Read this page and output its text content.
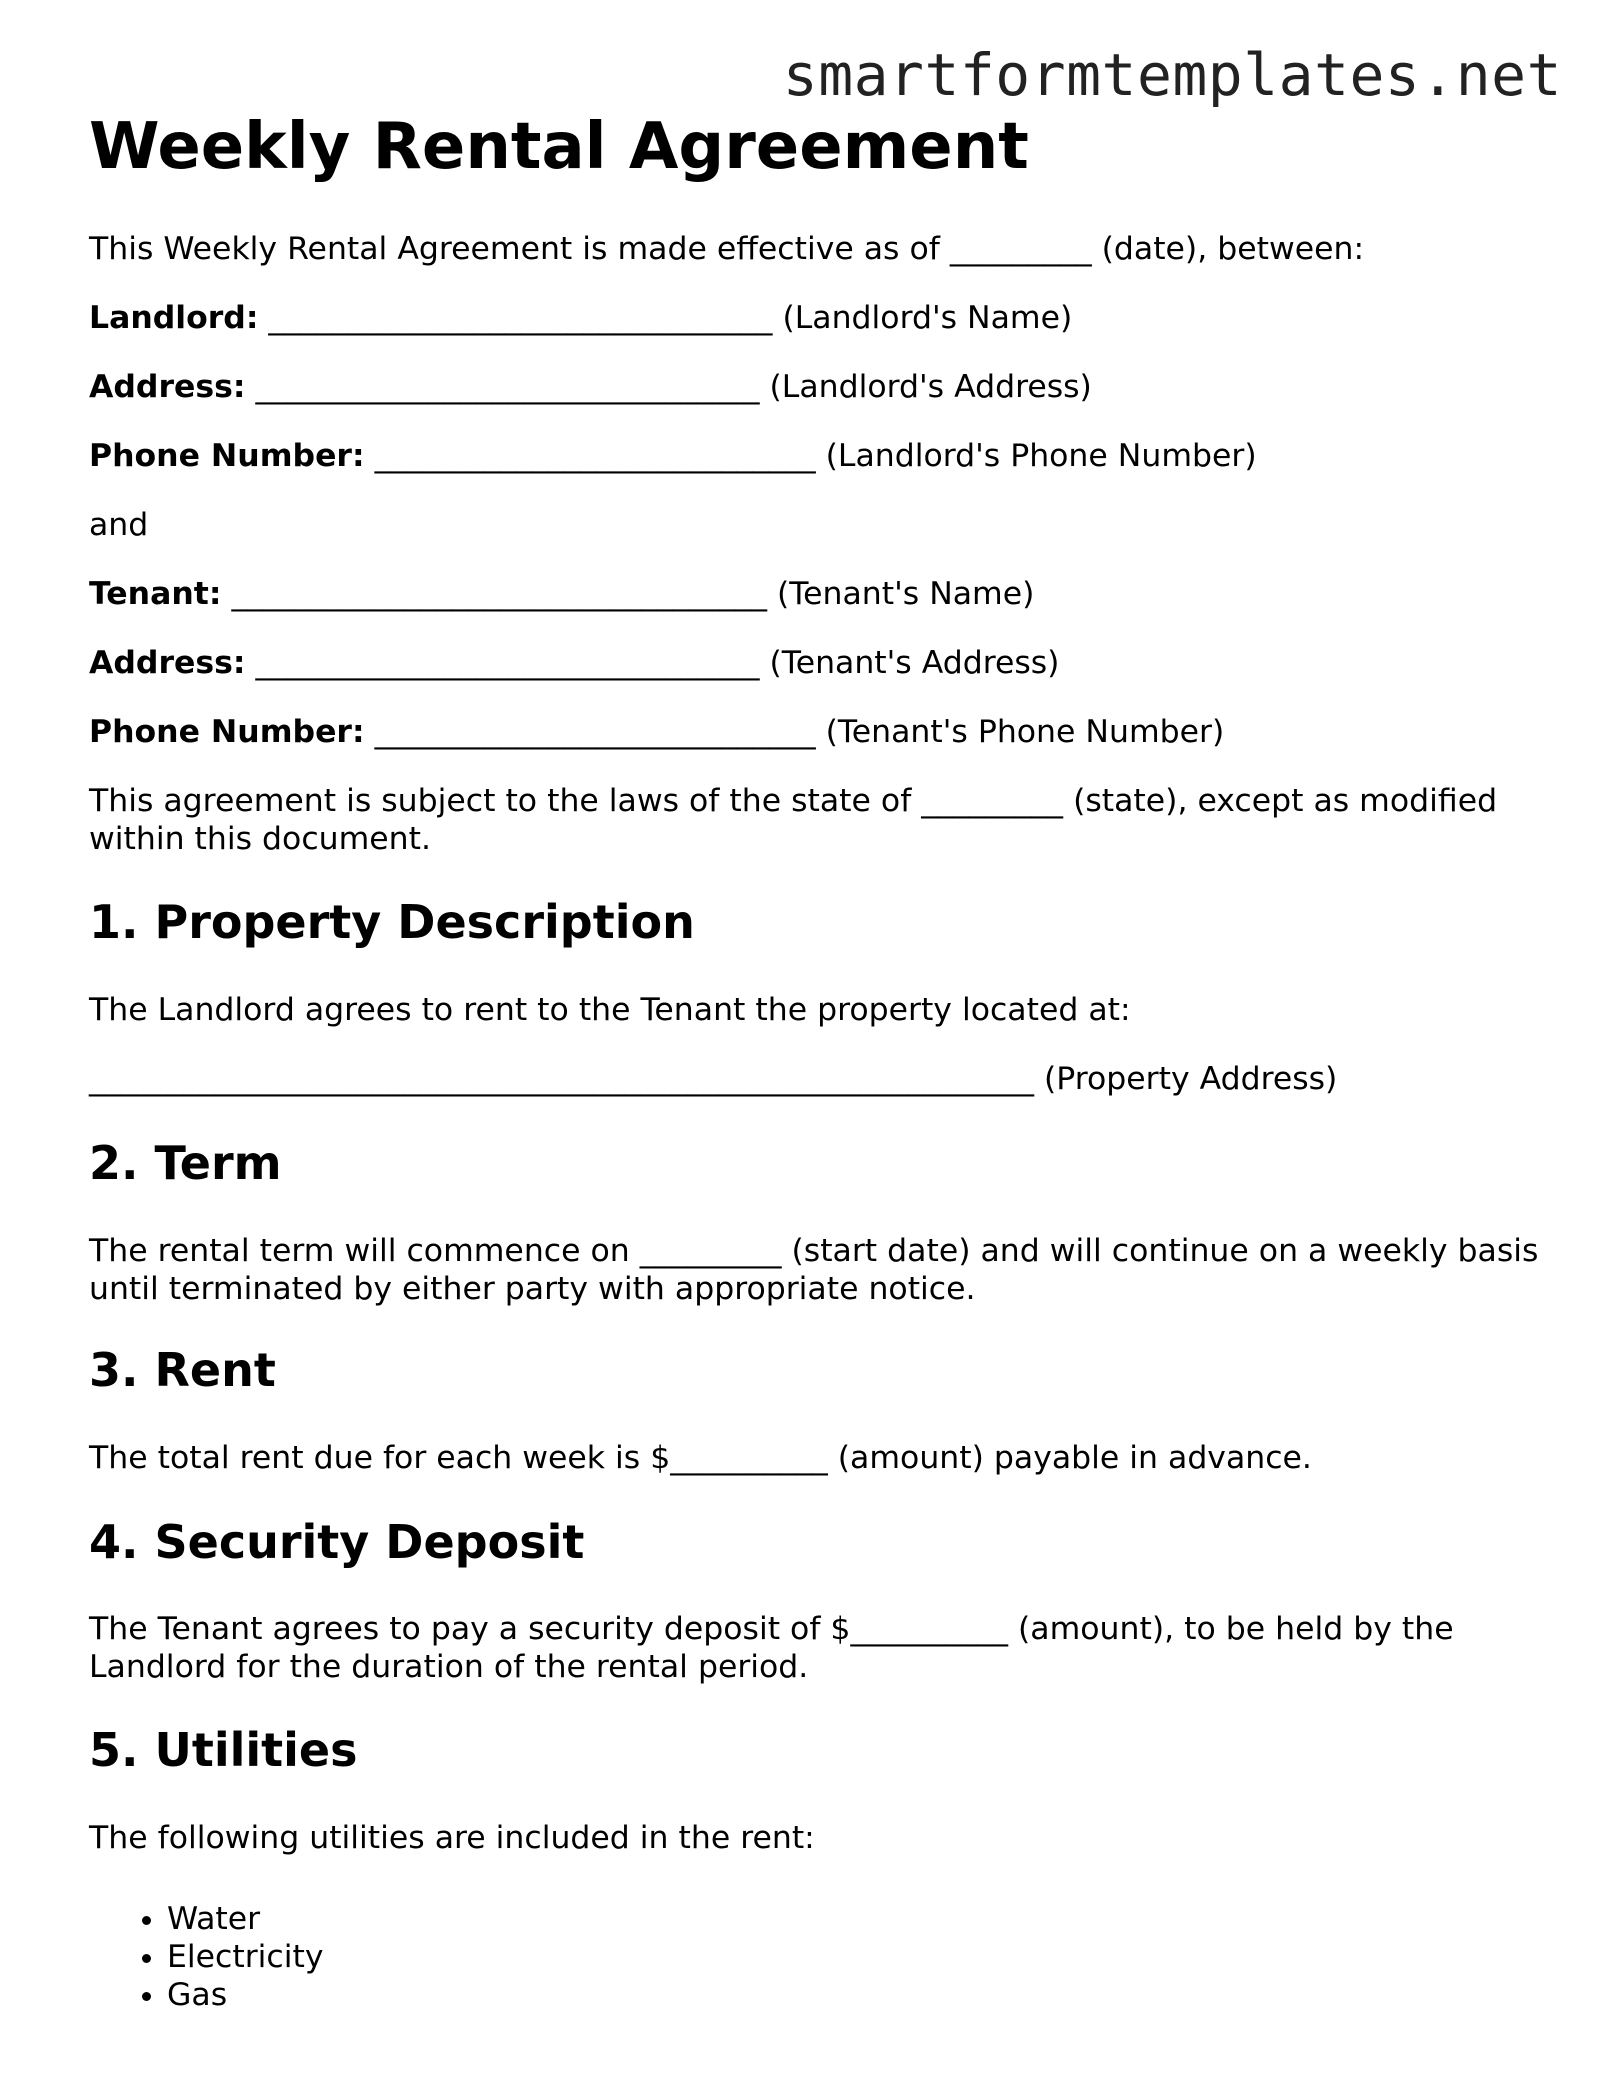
smartformtemplates.net
Weekly Rental Agreement

This Weekly Rental Agreement is made effective as of _________ (date), between:

Landlord: ________________________________ (Landlord's Name)

Address: ________________________________ (Landlord's Address)

Phone Number: ____________________________ (Landlord's Phone Number)

and

Tenant: __________________________________ (Tenant's Name)

Address: ________________________________ (Tenant's Address)

Phone Number: ____________________________ (Tenant's Phone Number)

This agreement is subject to the laws of the state of _________ (state), except as modified within this document.

1. Property Description

The Landlord agrees to rent to the Tenant the property located at:

____________________________________________________________ (Property Address)

2. Term

The rental term will commence on _________ (start date) and will continue on a weekly basis until terminated by either party with appropriate notice.

3. Rent

The total rent due for each week is $__________ (amount) payable in advance.

4. Security Deposit

The Tenant agrees to pay a security deposit of $__________ (amount), to be held by the Landlord for the duration of the rental period.

5. Utilities

The following utilities are included in the rent:

• Water
• Electricity
• Gas
